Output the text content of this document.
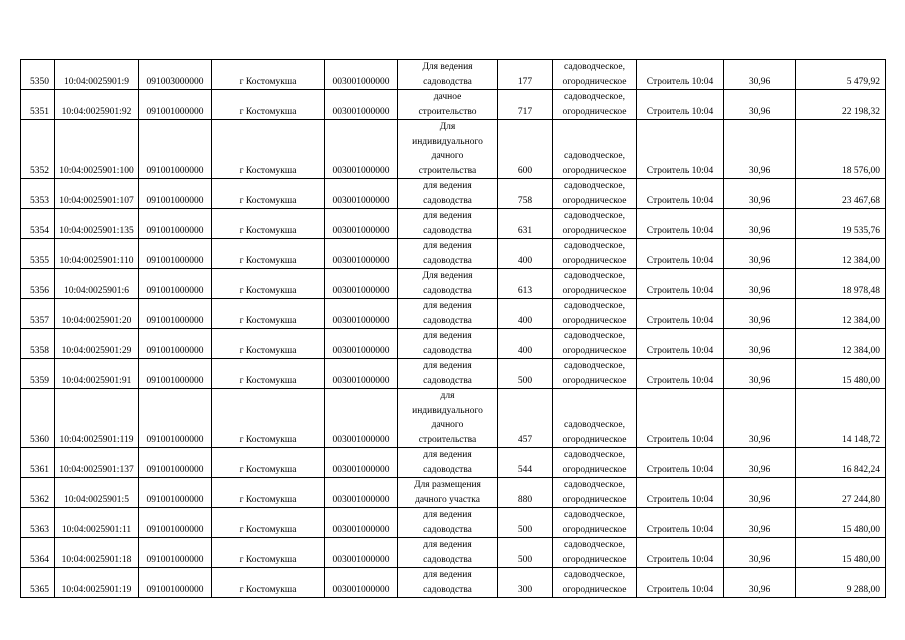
5350	10:04:0025901:9	091003000000	г Костомукша	003001000000	Для ведения
садоводства	177	садоводческое,
огородническое	Строитель 10:04	30,96	5 479,92
5351	10:04:0025901:92	091001000000	г Костомукша	003001000000	дачное
строительство	717	садоводческое,
огородническое	Строитель 10:04	30,96	22 198,32
5352	10:04:0025901:100	091001000000	г Костомукша	003001000000	Для
индивидуального
дачного
строительства	600	садоводческое,
огородническое	Строитель 10:04	30,96	18 576,00
5353	10:04:0025901:107	091001000000	г Костомукша	003001000000	для ведения
садоводства	758	садоводческое,
огородническое	Строитель 10:04	30,96	23 467,68
5354	10:04:0025901:135	091001000000	г Костомукша	003001000000	для ведения
садоводства	631	садоводческое,
огородническое	Строитель 10:04	30,96	19 535,76
5355	10:04:0025901:110	091001000000	г Костомукша	003001000000	для ведения
садоводства	400	садоводческое,
огородническое	Строитель 10:04	30,96	12 384,00
5356	10:04:0025901:6	091001000000	г Костомукша	003001000000	Для ведения
садоводства	613	садоводческое,
огородническое	Строитель 10:04	30,96	18 978,48
5357	10:04:0025901:20	091001000000	г Костомукша	003001000000	для ведения
садоводства	400	садоводческое,
огородническое	Строитель 10:04	30,96	12 384,00
5358	10:04:0025901:29	091001000000	г Костомукша	003001000000	для ведения
садоводства	400	садоводческое,
огородническое	Строитель 10:04	30,96	12 384,00
5359	10:04:0025901:91	091001000000	г Костомукша	003001000000	для ведения
садоводства	500	садоводческое,
огородническое	Строитель 10:04	30,96	15 480,00
5360	10:04:0025901:119	091001000000	г Костомукша	003001000000	для
индивидуального
дачного
строительства	457	садоводческое,
огородническое	Строитель 10:04	30,96	14 148,72
5361	10:04:0025901:137	091001000000	г Костомукша	003001000000	для ведения
садоводства	544	садоводческое,
огородническое	Строитель 10:04	30,96	16 842,24
5362	10:04:0025901:5	091001000000	г Костомукша	003001000000	Для размещения
дачного участка	880	садоводческое,
огородническое	Строитель 10:04	30,96	27 244,80
5363	10:04:0025901:11	091001000000	г Костомукша	003001000000	для ведения
садоводства	500	садоводческое,
огородническое	Строитель 10:04	30,96	15 480,00
5364	10:04:0025901:18	091001000000	г Костомукша	003001000000	для ведения
садоводства	500	садоводческое,
огородническое	Строитель 10:04	30,96	15 480,00
5365	10:04:0025901:19	091001000000	г Костомукша	003001000000	для ведения
садоводства	300	садоводческое,
огородническое	Строитель 10:04	30,96	9 288,00
